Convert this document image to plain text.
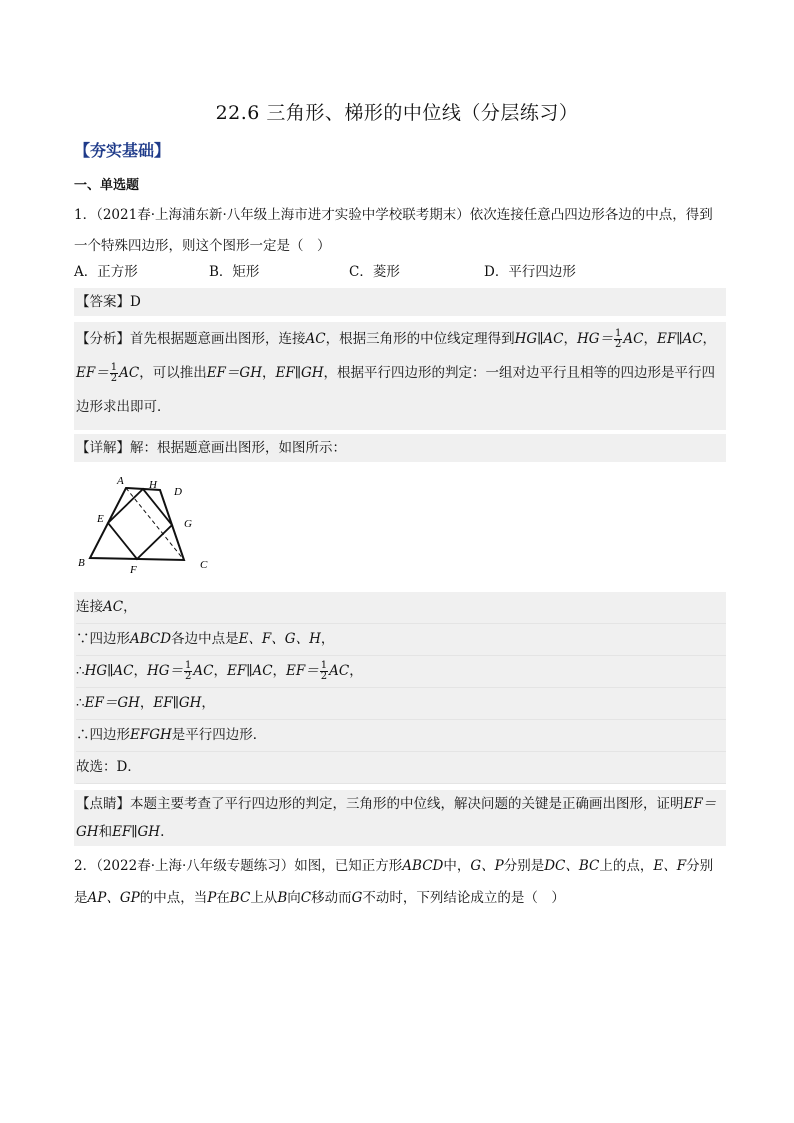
22.6 三角形、梯形的中位线（分层练习）
【夯实基础】
一、单选题
1．（2021春·上海浦东新·八年级上海市进才实验中学校联考期末）依次连接任意凸四边形各边的中点，得到一个特殊四边形，则这个图形一定是（　）
A．正方形	B．矩形	C．菱形	D．平行四边形
【答案】D
【分析】首先根据题意画出图形，连接AC，根据三角形的中位线定理得到HG∥AC，$HG= \frac{1}{2}$ AC，EF∥AC，$EF= \frac{1}{2}$ AC，可以推出EF＝GH，EF∥GH，根据平行四边形的判定：一组对边平行且相等的四边形是平行四边形求出即可．
【详解】解：根据题意画出图形，如图所示：
A H
D
E	G
B
F	C
连接AC，
∵四边形ABCD各边中点是E、F、G、H，
∴HG∥AC，$HG= \frac{1}{2}$ AC，EF∥AC，$EF= \frac{1}{2}$ AC，
∴EF＝GH，EF∥GH，
∴四边形EFGH是平行四边形．
故选：D．
【点睛】本题主要考查了平行四边形的判定，三角形的中位线，解决问题的关键是正确画出图形，证明EF＝GH和EF∥GH.
2．（2022春·上海·八年级专题练习）如图，已知正方形ABCD中，G、P分别是DC、BC上的点，E、F分别是AP、GP的中点，当P在BC上从B向C移动而G不动时，下列结论成立的是（　）
